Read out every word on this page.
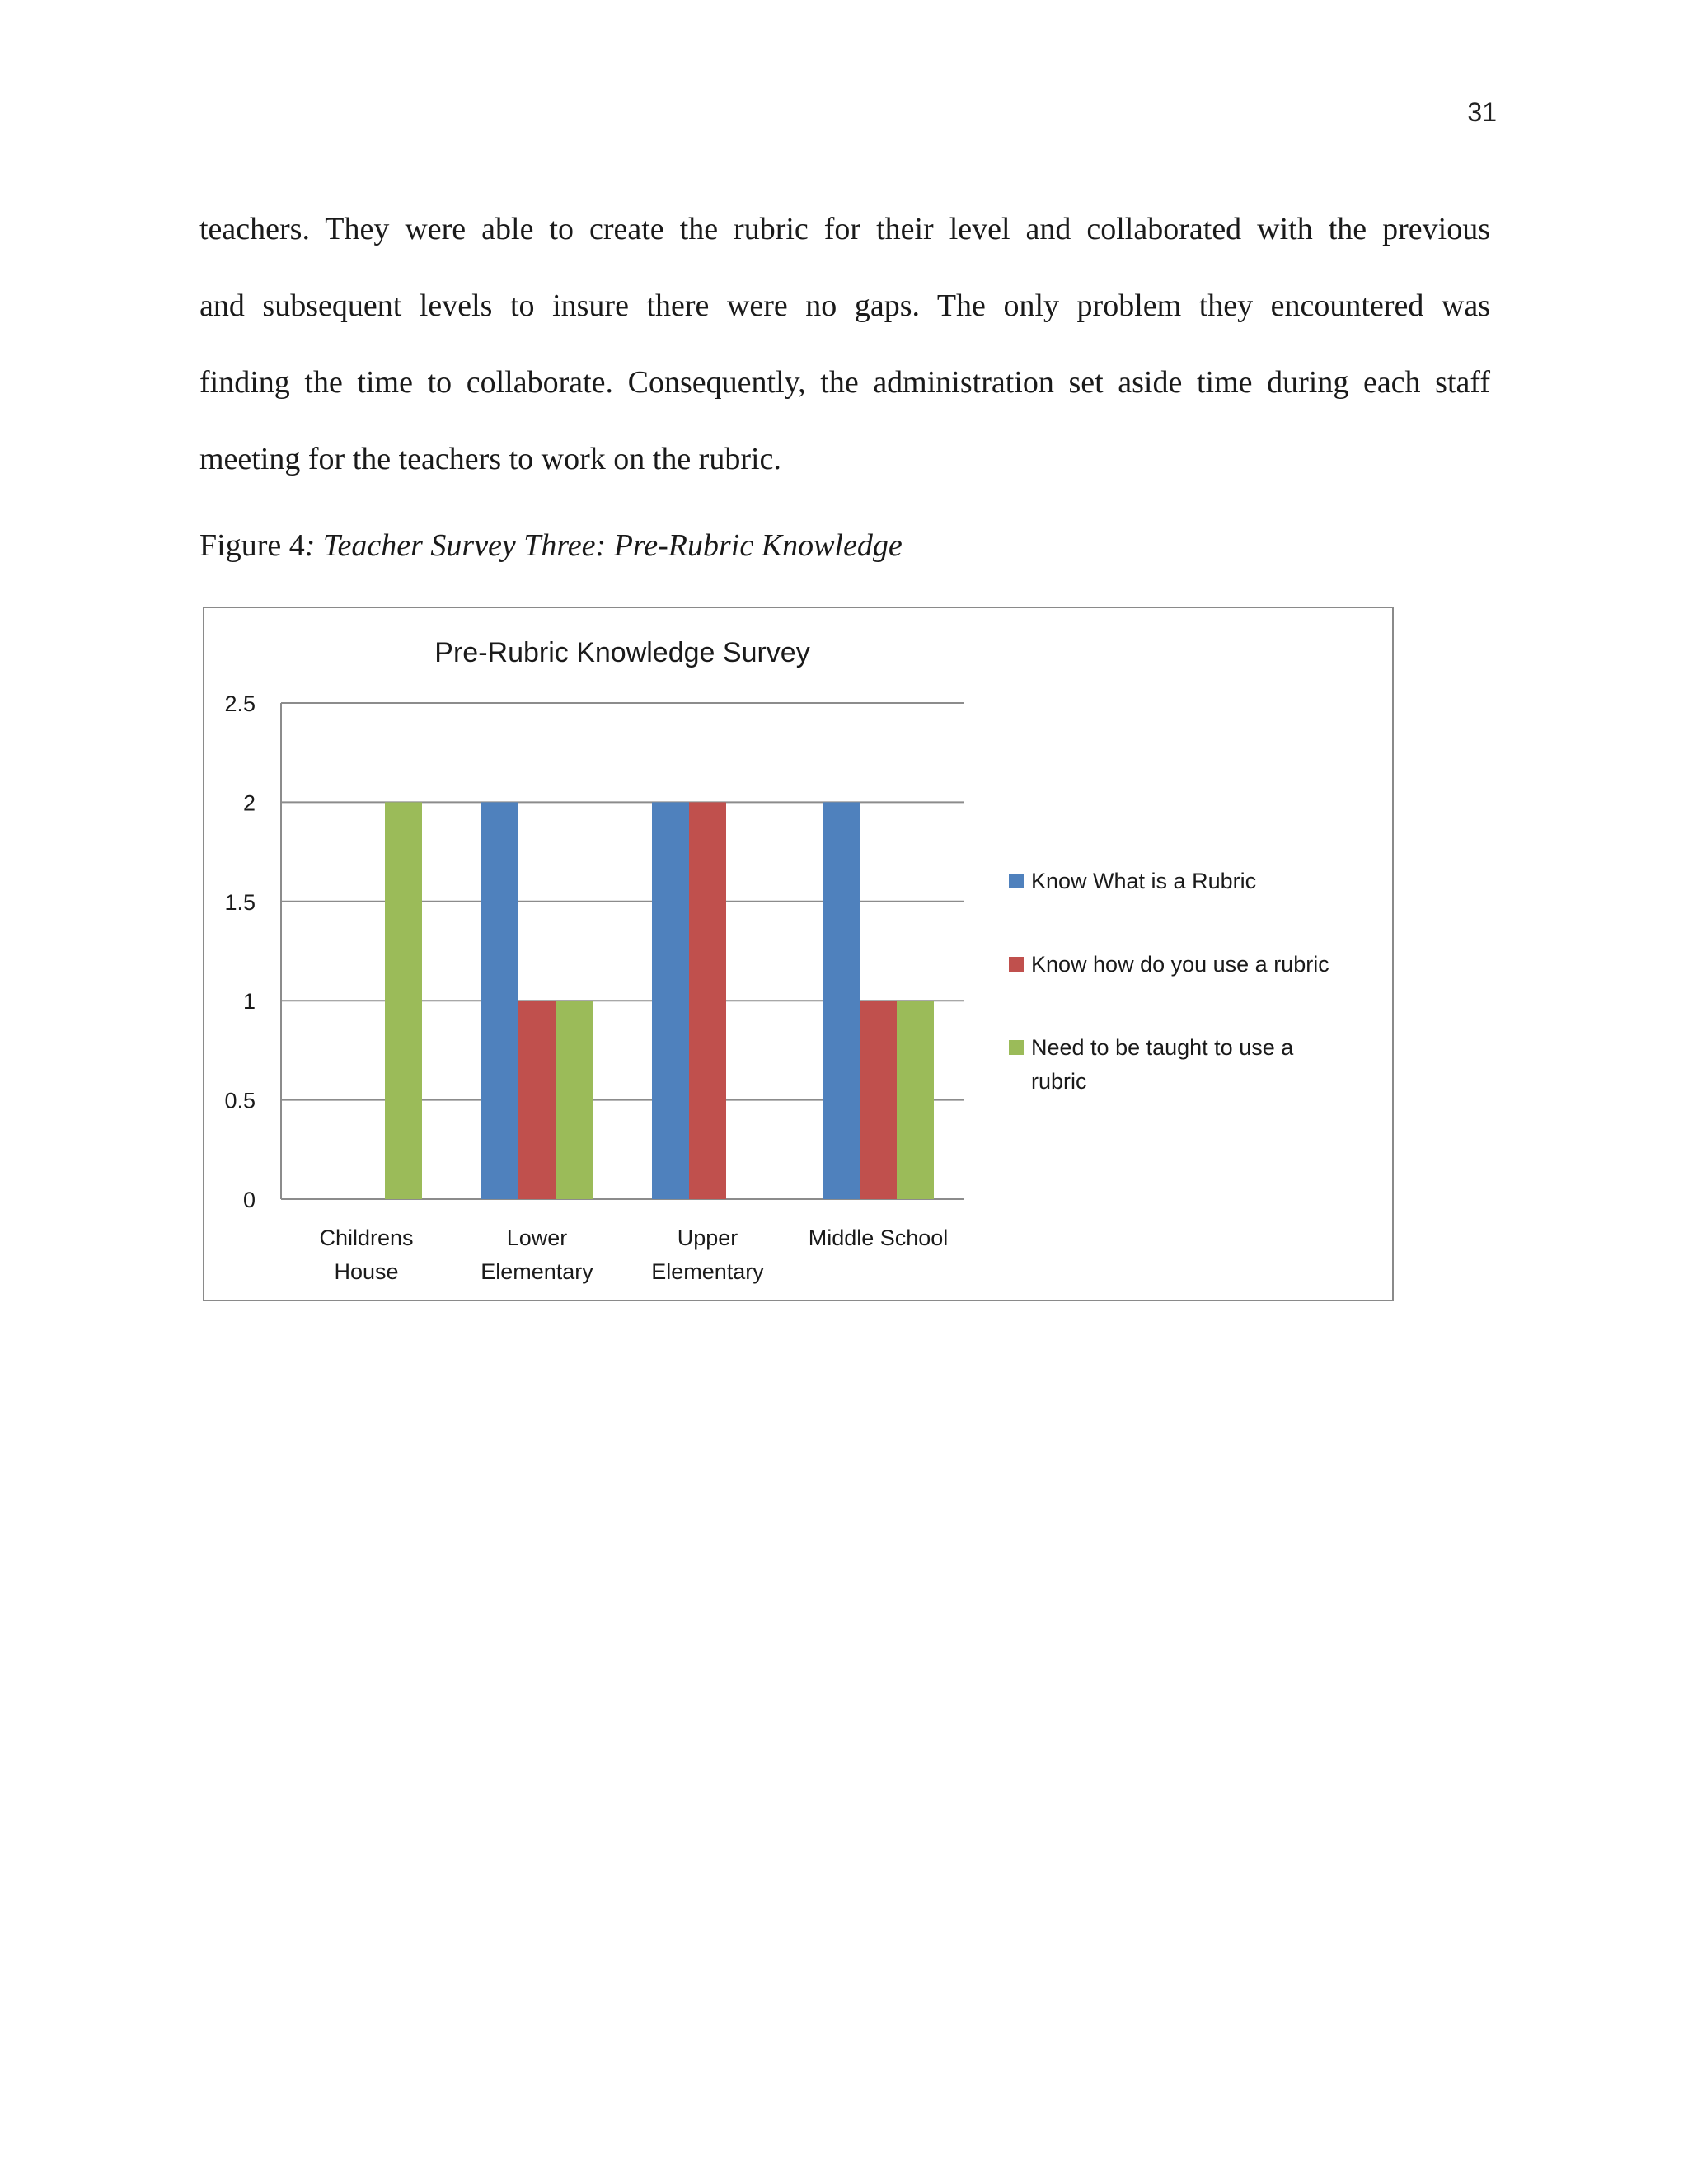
31
teachers. They were able to create the rubric for their level and collaborated with the previous
and subsequent levels to insure there were no gaps. The only problem they encountered was
finding the time to collaborate. Consequently, the administration set aside time during each staff
meeting for the teachers to work on the rubric.
Figure 4: Teacher Survey Three: Pre-Rubric Knowledge
Pre-Rubric Knowledge Survey
0
0.5
1
1.5
2
2.5
Childrens
House
Lower
Elementary
Upper
Elementary
Middle School
Know What is a Rubric
Know how do you use a rubric
Need to be taught to use a
rubric
